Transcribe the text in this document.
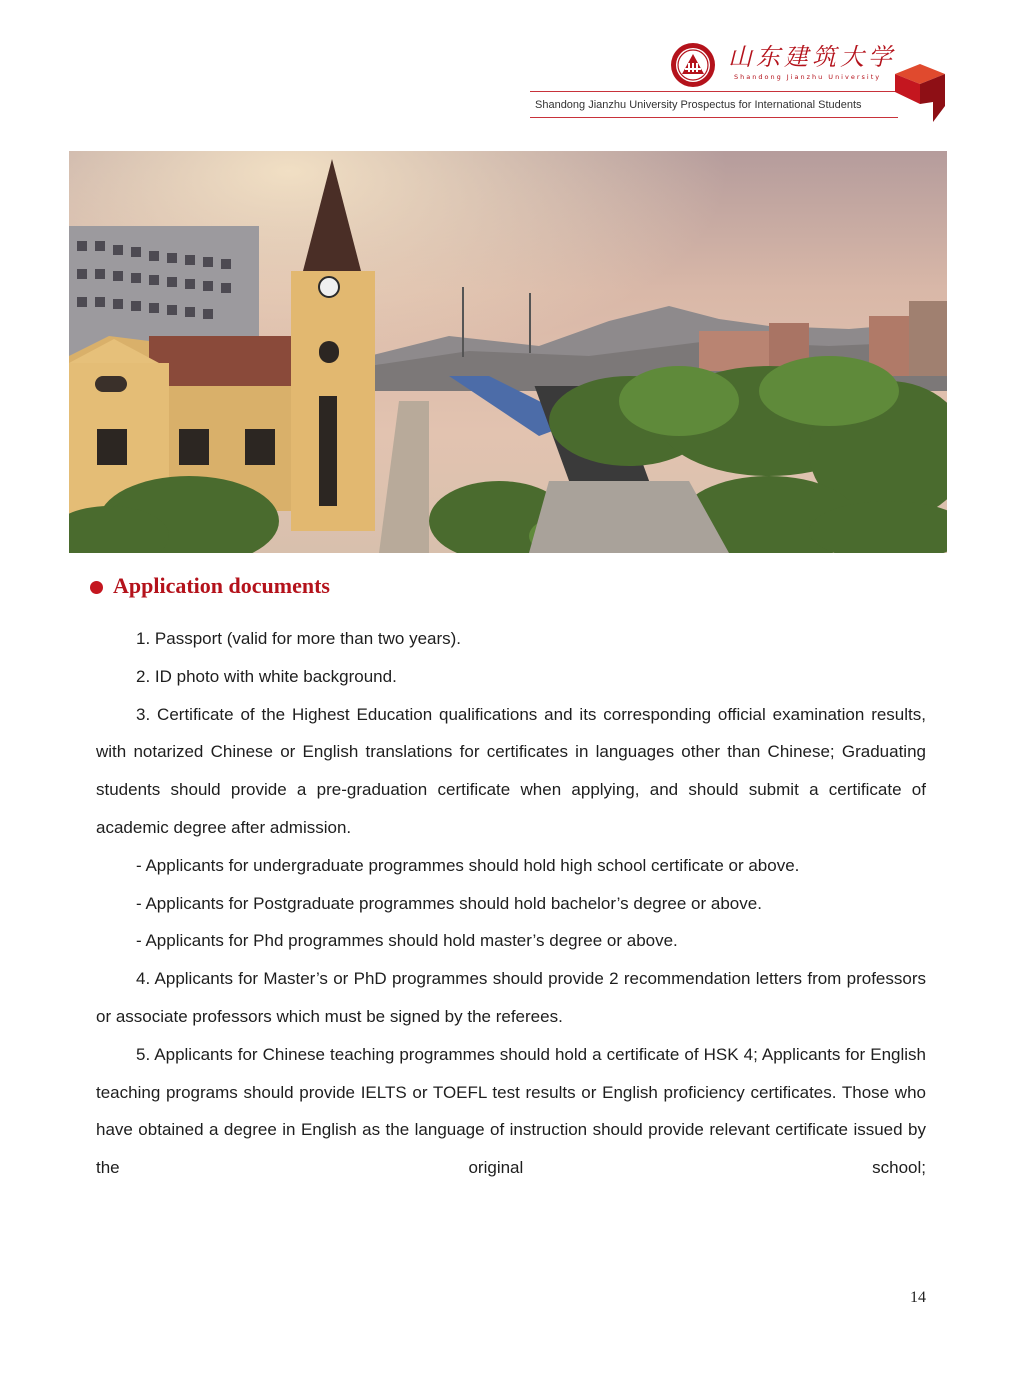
山东建筑大学
Shandong Jianzhu University
Shandong Jianzhu University Prospectus for International Students
Application documents

1. Passport (valid for more than two years).

2. ID photo with white background.

3. Certificate of the Highest Education qualifications and its corresponding official examination results, with notarized Chinese or English translations for certificates in languages other than Chinese; Graduating students should provide a pre-graduation certificate when applying, and should submit a certificate of academic degree after admission.

- Applicants for undergraduate programmes should hold high school certificate or above.

- Applicants for Postgraduate programmes should hold bachelor’s degree or above.

- Applicants for Phd programmes should hold master’s degree or above.

4. Applicants for Master’s or PhD programmes should provide 2 recommendation letters from professors or associate professors which must be signed by the referees.

5. Applicants for Chinese teaching programmes should hold a certificate of HSK 4; Applicants for English teaching programs should provide IELTS or TOEFL test results or English proficiency certificates. Those who have obtained a degree in English as the language of instruction should provide relevant certificate issued by the original school;

14
